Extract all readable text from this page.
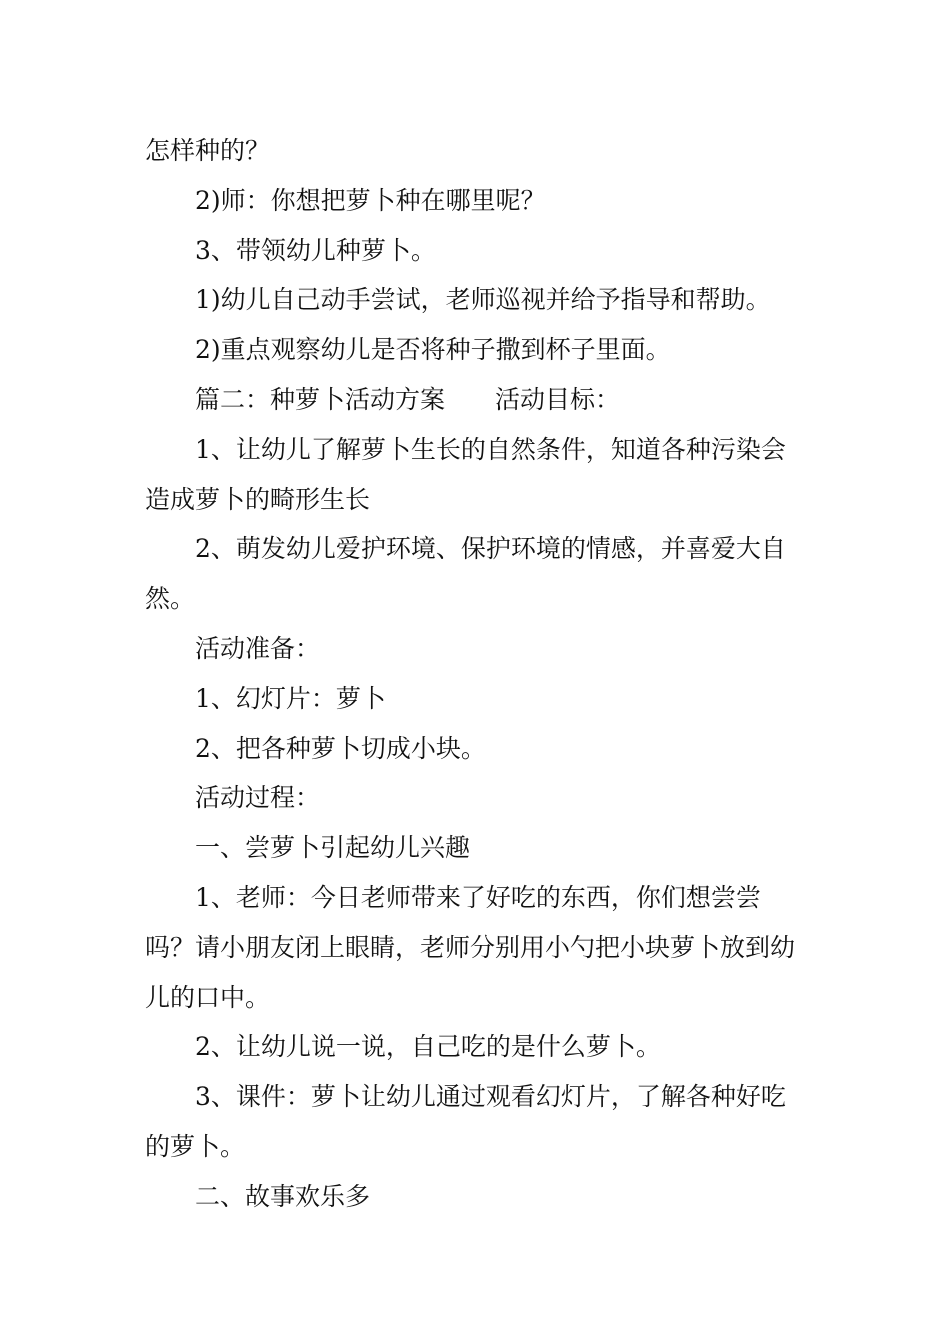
怎样种的？

2)师：你想把萝卜种在哪里呢？

3、带领幼儿种萝卜。

1)幼儿自己动手尝试，老师巡视并给予指导和帮助。

2)重点观察幼儿是否将种子撒到杯子里面。

篇二：种萝卜活动方案　　活动目标：

1、让幼儿了解萝卜生长的自然条件，知道各种污染会造成萝卜的畸形生长

2、萌发幼儿爱护环境、保护环境的情感，并喜爱大自然。

活动准备：

1、幻灯片：萝卜

2、把各种萝卜切成小块。

活动过程：

一、尝萝卜引起幼儿兴趣

1、老师：今日老师带来了好吃的东西，你们想尝尝吗？请小朋友闭上眼睛，老师分别用小勺把小块萝卜放到幼儿的口中。

2、让幼儿说一说，自己吃的是什么萝卜。

3、课件：萝卜让幼儿通过观看幻灯片，了解各种好吃的萝卜。

二、故事欢乐多
